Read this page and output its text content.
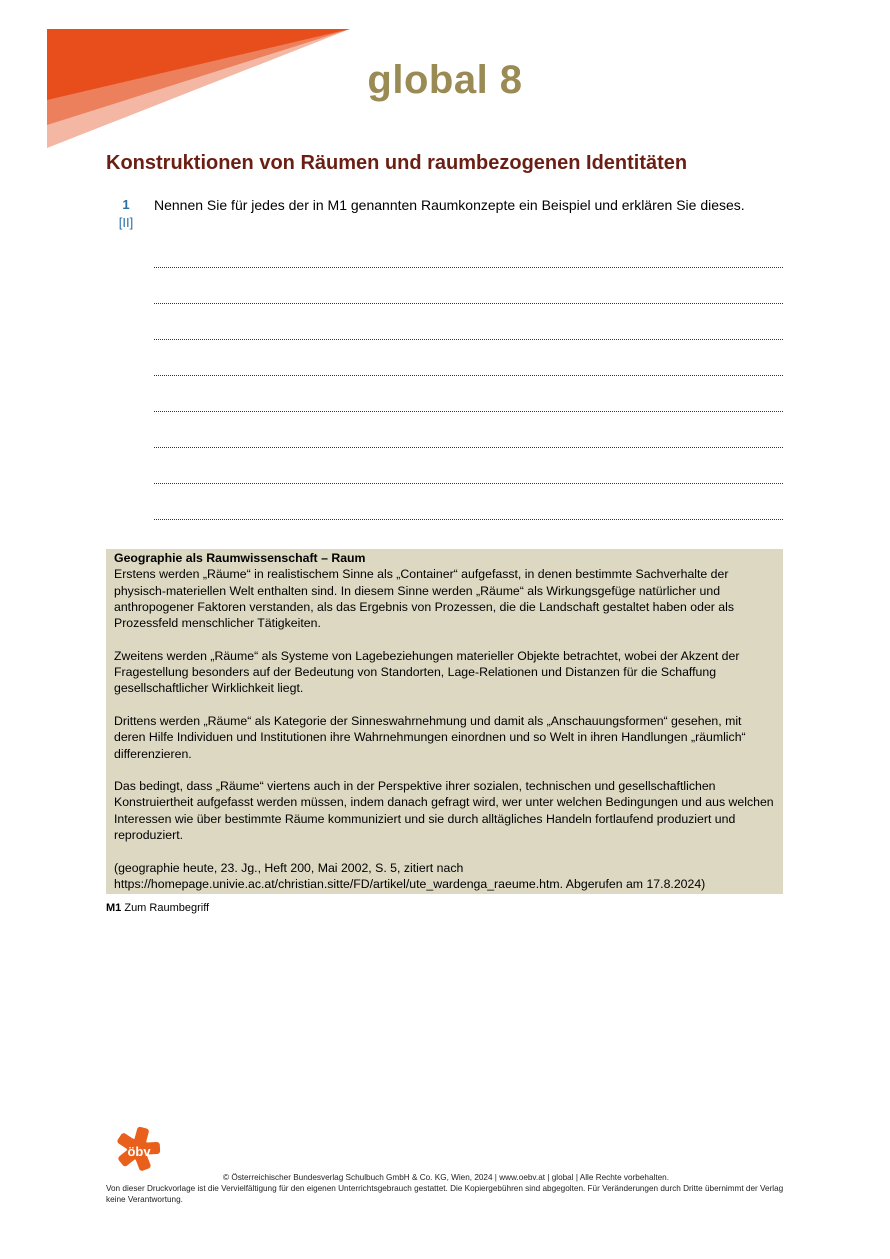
global 8
Konstruktionen von Räumen und raumbezogenen Identitäten
1
[II]
Nennen Sie für jedes der in M1 genannten Raumkonzepte ein Beispiel und erklären Sie dieses.
Geographie als Raumwissenschaft – Raum

Erstens werden „Räume“ in realistischem Sinne als „Container“ aufgefasst, in denen bestimmte Sachverhalte der physisch-materiellen Welt enthalten sind. In diesem Sinne werden „Räume“ als Wirkungsgefüge natürlicher und anthropogener Faktoren verstanden, als das Ergebnis von Prozessen, die die Landschaft gestaltet haben oder als Prozessfeld menschlicher Tätigkeiten.

Zweitens werden „Räume“ als Systeme von Lagebeziehungen materieller Objekte betrachtet, wobei der Akzent der Fragestellung besonders auf der Bedeutung von Standorten, Lage-Relationen und Distanzen für die Schaffung gesellschaftlicher Wirklichkeit liegt.

Drittens werden „Räume“ als Kategorie der Sinneswahrnehmung und damit als „Anschauungsformen“ gesehen, mit deren Hilfe Individuen und Institutionen ihre Wahrnehmungen einordnen und so Welt in ihren Handlungen „räumlich“ differenzieren.

Das bedingt, dass „Räume“ viertens auch in der Perspektive ihrer sozialen, technischen und gesellschaftlichen Konstruiertheit aufgefasst werden müssen, indem danach gefragt wird, wer unter welchen Bedingungen und aus welchen Interessen wie über bestimmte Räume kommuniziert und sie durch alltägliches Handeln fortlaufend produziert und reproduziert.

(geographie heute, 23. Jg., Heft 200, Mai 2002, S. 5, zitiert nach https://homepage.univie.ac.at/christian.sitte/FD/artikel/ute_wardenga_raeume.htm. Abgerufen am 17.8.2024)

M1 Zum Raumbegriff
öbv
© Österreichischer Bundesverlag Schulbuch GmbH & Co. KG, Wien, 2024 | www.oebv.at | global | Alle Rechte vorbehalten.
Von dieser Druckvorlage ist die Vervielfältigung für den eigenen Unterrichtsgebrauch gestattet. Die Kopiergebühren sind abgegolten. Für Veränderungen durch Dritte übernimmt der Verlag keine Verantwortung.
